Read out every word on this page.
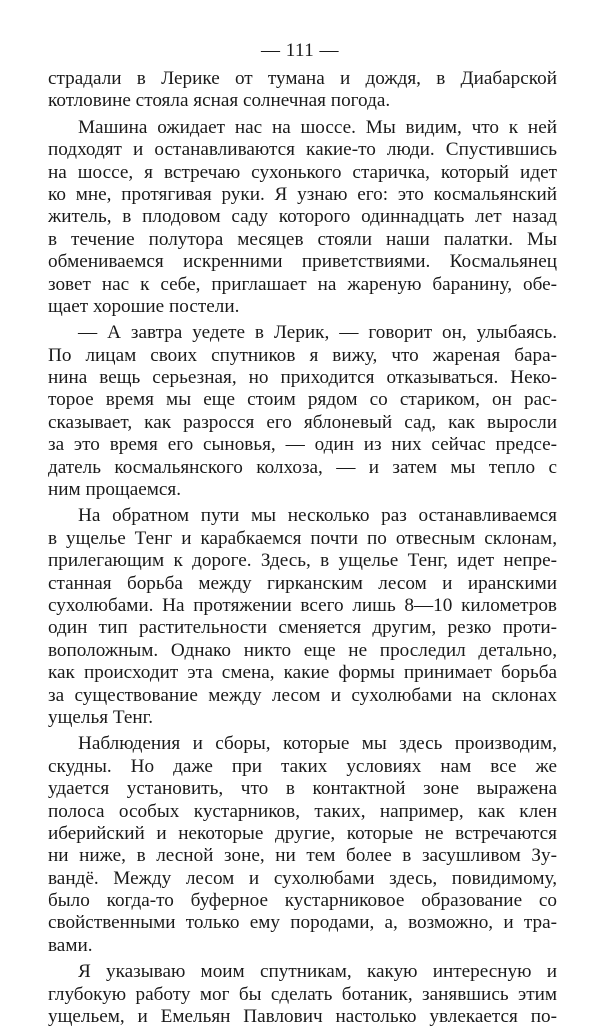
— 111 —
страдали в Лерике от тумана и дождя, в Диабарской
котловине стояла ясная солнечная погода.
Машина ожидает нас на шоссе. Мы видим, что к ней
подходят и останавливаются какие-то люди. Спустившись
на шоссе, я встречаю сухонького старичка, который идет
ко мне, протягивая руки. Я узнаю его: это космальянский
житель, в плодовом саду которого одиннадцать лет назад
в течение полутора месяцев стояли наши палатки. Мы
обмениваемся искренними приветствиями. Космальянец
зовет нас к себе, приглашает на жареную баранину, обе-
щает хорошие постели.
— А завтра уедете в Лерик, — говорит он, улыбаясь.
По лицам своих спутников я вижу, что жареная бара-
нина вещь серьезная, но приходится отказываться. Неко-
торое время мы еще стоим рядом со стариком, он рас-
сказывает, как разросся его яблоневый сад, как выросли
за это время его сыновья, — один из них сейчас предсе-
датель космальянского колхоза, — и затем мы тепло с
ним прощаемся.
На обратном пути мы несколько раз останавливаемся
в ущелье Тенг и карабкаемся почти по отвесным склонам,
прилегающим к дороге. Здесь, в ущелье Тенг, идет непре-
станная борьба между гирканским лесом и иранскими
сухолюбами. На протяжении всего лишь 8—10 километров
один тип растительности сменяется другим, резко проти-
воположным. Однако никто еще не проследил детально,
как происходит эта смена, какие формы принимает борьба
за существование между лесом и сухолюбами на склонах
ущелья Тенг.
Наблюдения и сборы, которые мы здесь производим,
скудны. Но даже при таких условиях нам все же
удается установить, что в контактной зоне выражена
полоса особых кустарников, таких, например, как клен
иберийский и некоторые другие, которые не встречаются
ни ниже, в лесной зоне, ни тем более в засушливом Зу-
вандё. Между лесом и сухолюбами здесь, повидимому,
было когда-то буферное кустарниковое образование со
свойственными только ему породами, а, возможно, и тра-
вами.
Я указываю моим спутникам, какую интересную и
глубокую работу мог бы сделать ботаник, занявшись этим
ущельем, и Емельян Павлович настолько увлекается по-
